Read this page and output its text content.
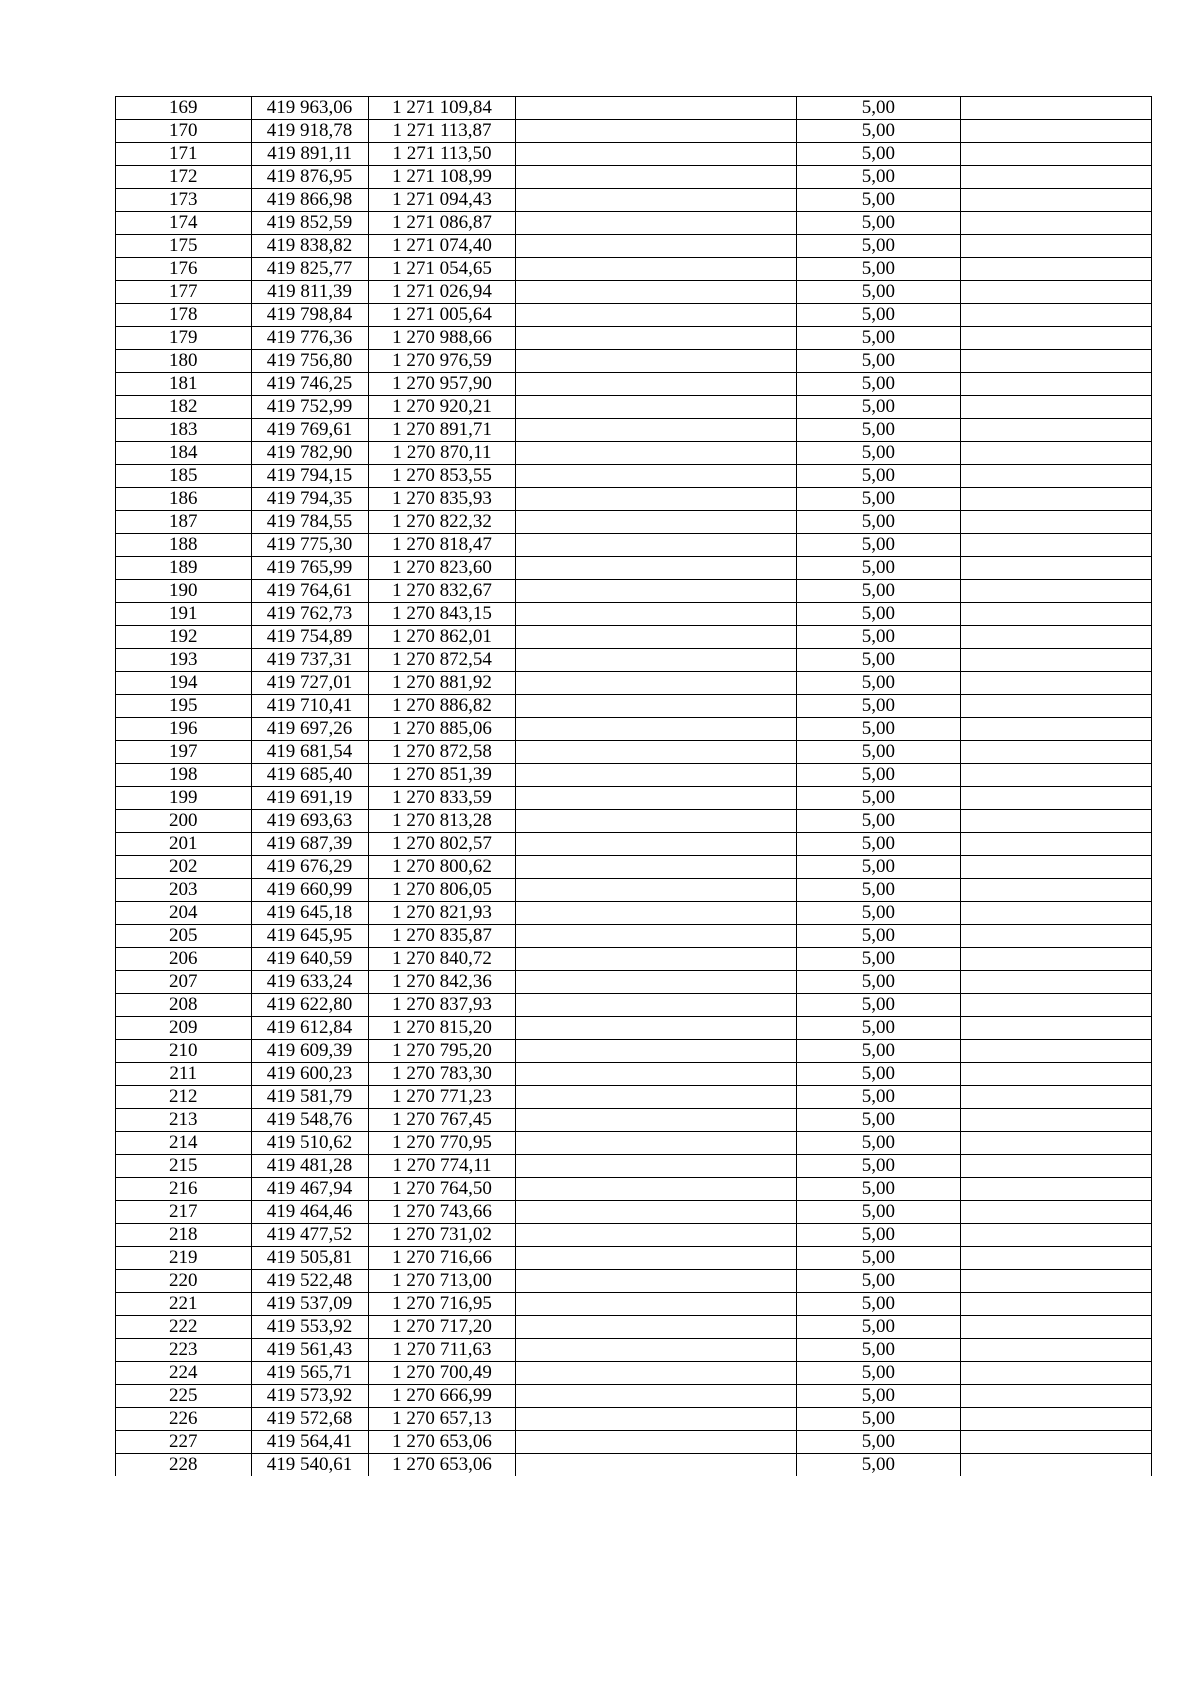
169	419 963,06	1 271 109,84		5,00	
170	419 918,78	1 271 113,87		5,00	
171	419 891,11	1 271 113,50		5,00	
172	419 876,95	1 271 108,99		5,00	
173	419 866,98	1 271 094,43		5,00	
174	419 852,59	1 271 086,87		5,00	
175	419 838,82	1 271 074,40		5,00	
176	419 825,77	1 271 054,65		5,00	
177	419 811,39	1 271 026,94		5,00	
178	419 798,84	1 271 005,64		5,00	
179	419 776,36	1 270 988,66		5,00	
180	419 756,80	1 270 976,59		5,00	
181	419 746,25	1 270 957,90		5,00	
182	419 752,99	1 270 920,21		5,00	
183	419 769,61	1 270 891,71		5,00	
184	419 782,90	1 270 870,11		5,00	
185	419 794,15	1 270 853,55		5,00	
186	419 794,35	1 270 835,93		5,00	
187	419 784,55	1 270 822,32		5,00	
188	419 775,30	1 270 818,47		5,00	
189	419 765,99	1 270 823,60		5,00	
190	419 764,61	1 270 832,67		5,00	
191	419 762,73	1 270 843,15		5,00	
192	419 754,89	1 270 862,01		5,00	
193	419 737,31	1 270 872,54		5,00	
194	419 727,01	1 270 881,92		5,00	
195	419 710,41	1 270 886,82		5,00	
196	419 697,26	1 270 885,06		5,00	
197	419 681,54	1 270 872,58		5,00	
198	419 685,40	1 270 851,39		5,00	
199	419 691,19	1 270 833,59		5,00	
200	419 693,63	1 270 813,28		5,00	
201	419 687,39	1 270 802,57		5,00	
202	419 676,29	1 270 800,62		5,00	
203	419 660,99	1 270 806,05		5,00	
204	419 645,18	1 270 821,93		5,00	
205	419 645,95	1 270 835,87		5,00	
206	419 640,59	1 270 840,72		5,00	
207	419 633,24	1 270 842,36		5,00	
208	419 622,80	1 270 837,93		5,00	
209	419 612,84	1 270 815,20		5,00	
210	419 609,39	1 270 795,20		5,00	
211	419 600,23	1 270 783,30		5,00	
212	419 581,79	1 270 771,23		5,00	
213	419 548,76	1 270 767,45		5,00	
214	419 510,62	1 270 770,95		5,00	
215	419 481,28	1 270 774,11		5,00	
216	419 467,94	1 270 764,50		5,00	
217	419 464,46	1 270 743,66		5,00	
218	419 477,52	1 270 731,02		5,00	
219	419 505,81	1 270 716,66		5,00	
220	419 522,48	1 270 713,00		5,00	
221	419 537,09	1 270 716,95		5,00	
222	419 553,92	1 270 717,20		5,00	
223	419 561,43	1 270 711,63		5,00	
224	419 565,71	1 270 700,49		5,00	
225	419 573,92	1 270 666,99		5,00	
226	419 572,68	1 270 657,13		5,00	
227	419 564,41	1 270 653,06		5,00	
228	419 540,61	1 270 653,06		5,00	
